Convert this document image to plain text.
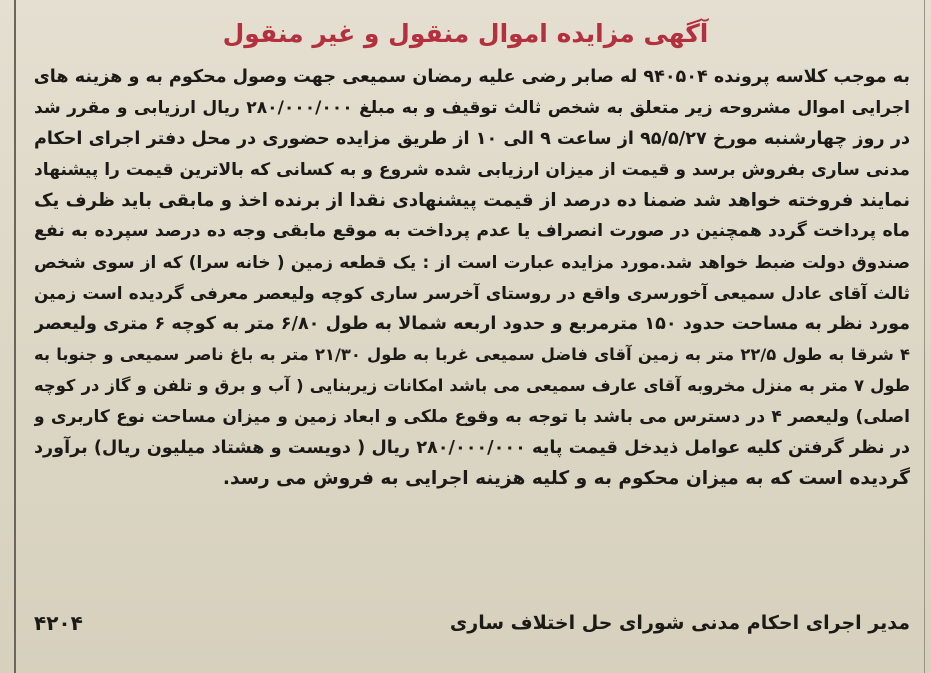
آگهی مزایده اموال منقول و غیر منقول
به موجب کلاسه پرونده ۹۴۰۵۰۴ له صابر رضی علیه رمضان سمیعی جهت وصول محکوم به و هزینه های
اجرایی اموال مشروحه زیر متعلق به شخص ثالث توقیف و به مبلغ ۲۸۰/۰۰۰/۰۰۰ ریال ارزیابی و مقرر شد
در روز چهارشنبه مورخ ۹۵/۵/۲۷ از ساعت ۹ الی ۱۰ از طریق مزایده حضوری در محل دفتر اجرای احکام
مدنی ساری بفروش برسد و قیمت از میزان ارزیابی شده شروع و به کسانی که بالاترین قیمت را پیشنهاد
نمایند فروخته خواهد شد ضمنا ده درصد از قیمت پیشنهادی نقدا از برنده اخذ و مابقی باید ظرف یک
ماه پرداخت گردد همچنین در صورت انصراف یا عدم پرداخت به موقع مابقی وجه ده درصد سپرده به نفع
صندوق دولت ضبط خواهد شد.مورد مزایده عبارت است از : یک قطعه زمین ( خانه سرا) که از سوی شخص
ثالث آقای عادل سمیعی آخورسری واقع در روستای آخرسر ساری کوچه ولیعصر معرفی گردیده است زمین
مورد نظر به مساحت حدود ۱۵۰ مترمربع و حدود اربعه شمالا به طول ۶/۸۰ متر به کوچه ۶ متری ولیعصر
۴ شرقا به طول ۲۲/۵ متر به زمین آقای فاضل سمیعی غربا به طول ۲۱/۳۰ متر به باغ ناصر سمیعی و جنوبا به
طول ۷ متر به منزل مخروبه آقای عارف سمیعی می باشد امکانات زیربنایی ( آب و برق و تلفن و گاز در کوچه
اصلی) ولیعصر ۴ در دسترس می باشد با توجه به وقوع ملکی و ابعاد زمین و میزان مساحت نوع کاربری و
در نظر گرفتن کلیه عوامل ذیدخل قیمت پایه ۲۸۰/۰۰۰/۰۰۰ ریال ( دویست و هشتاد میلیون ریال) برآورد
گردیده است که به میزان محکوم به و کلیه هزینه اجرایی به فروش می رسد.
مدیر اجرای احکام مدنی شورای حل اختلاف ساری
۴۲۰۴
